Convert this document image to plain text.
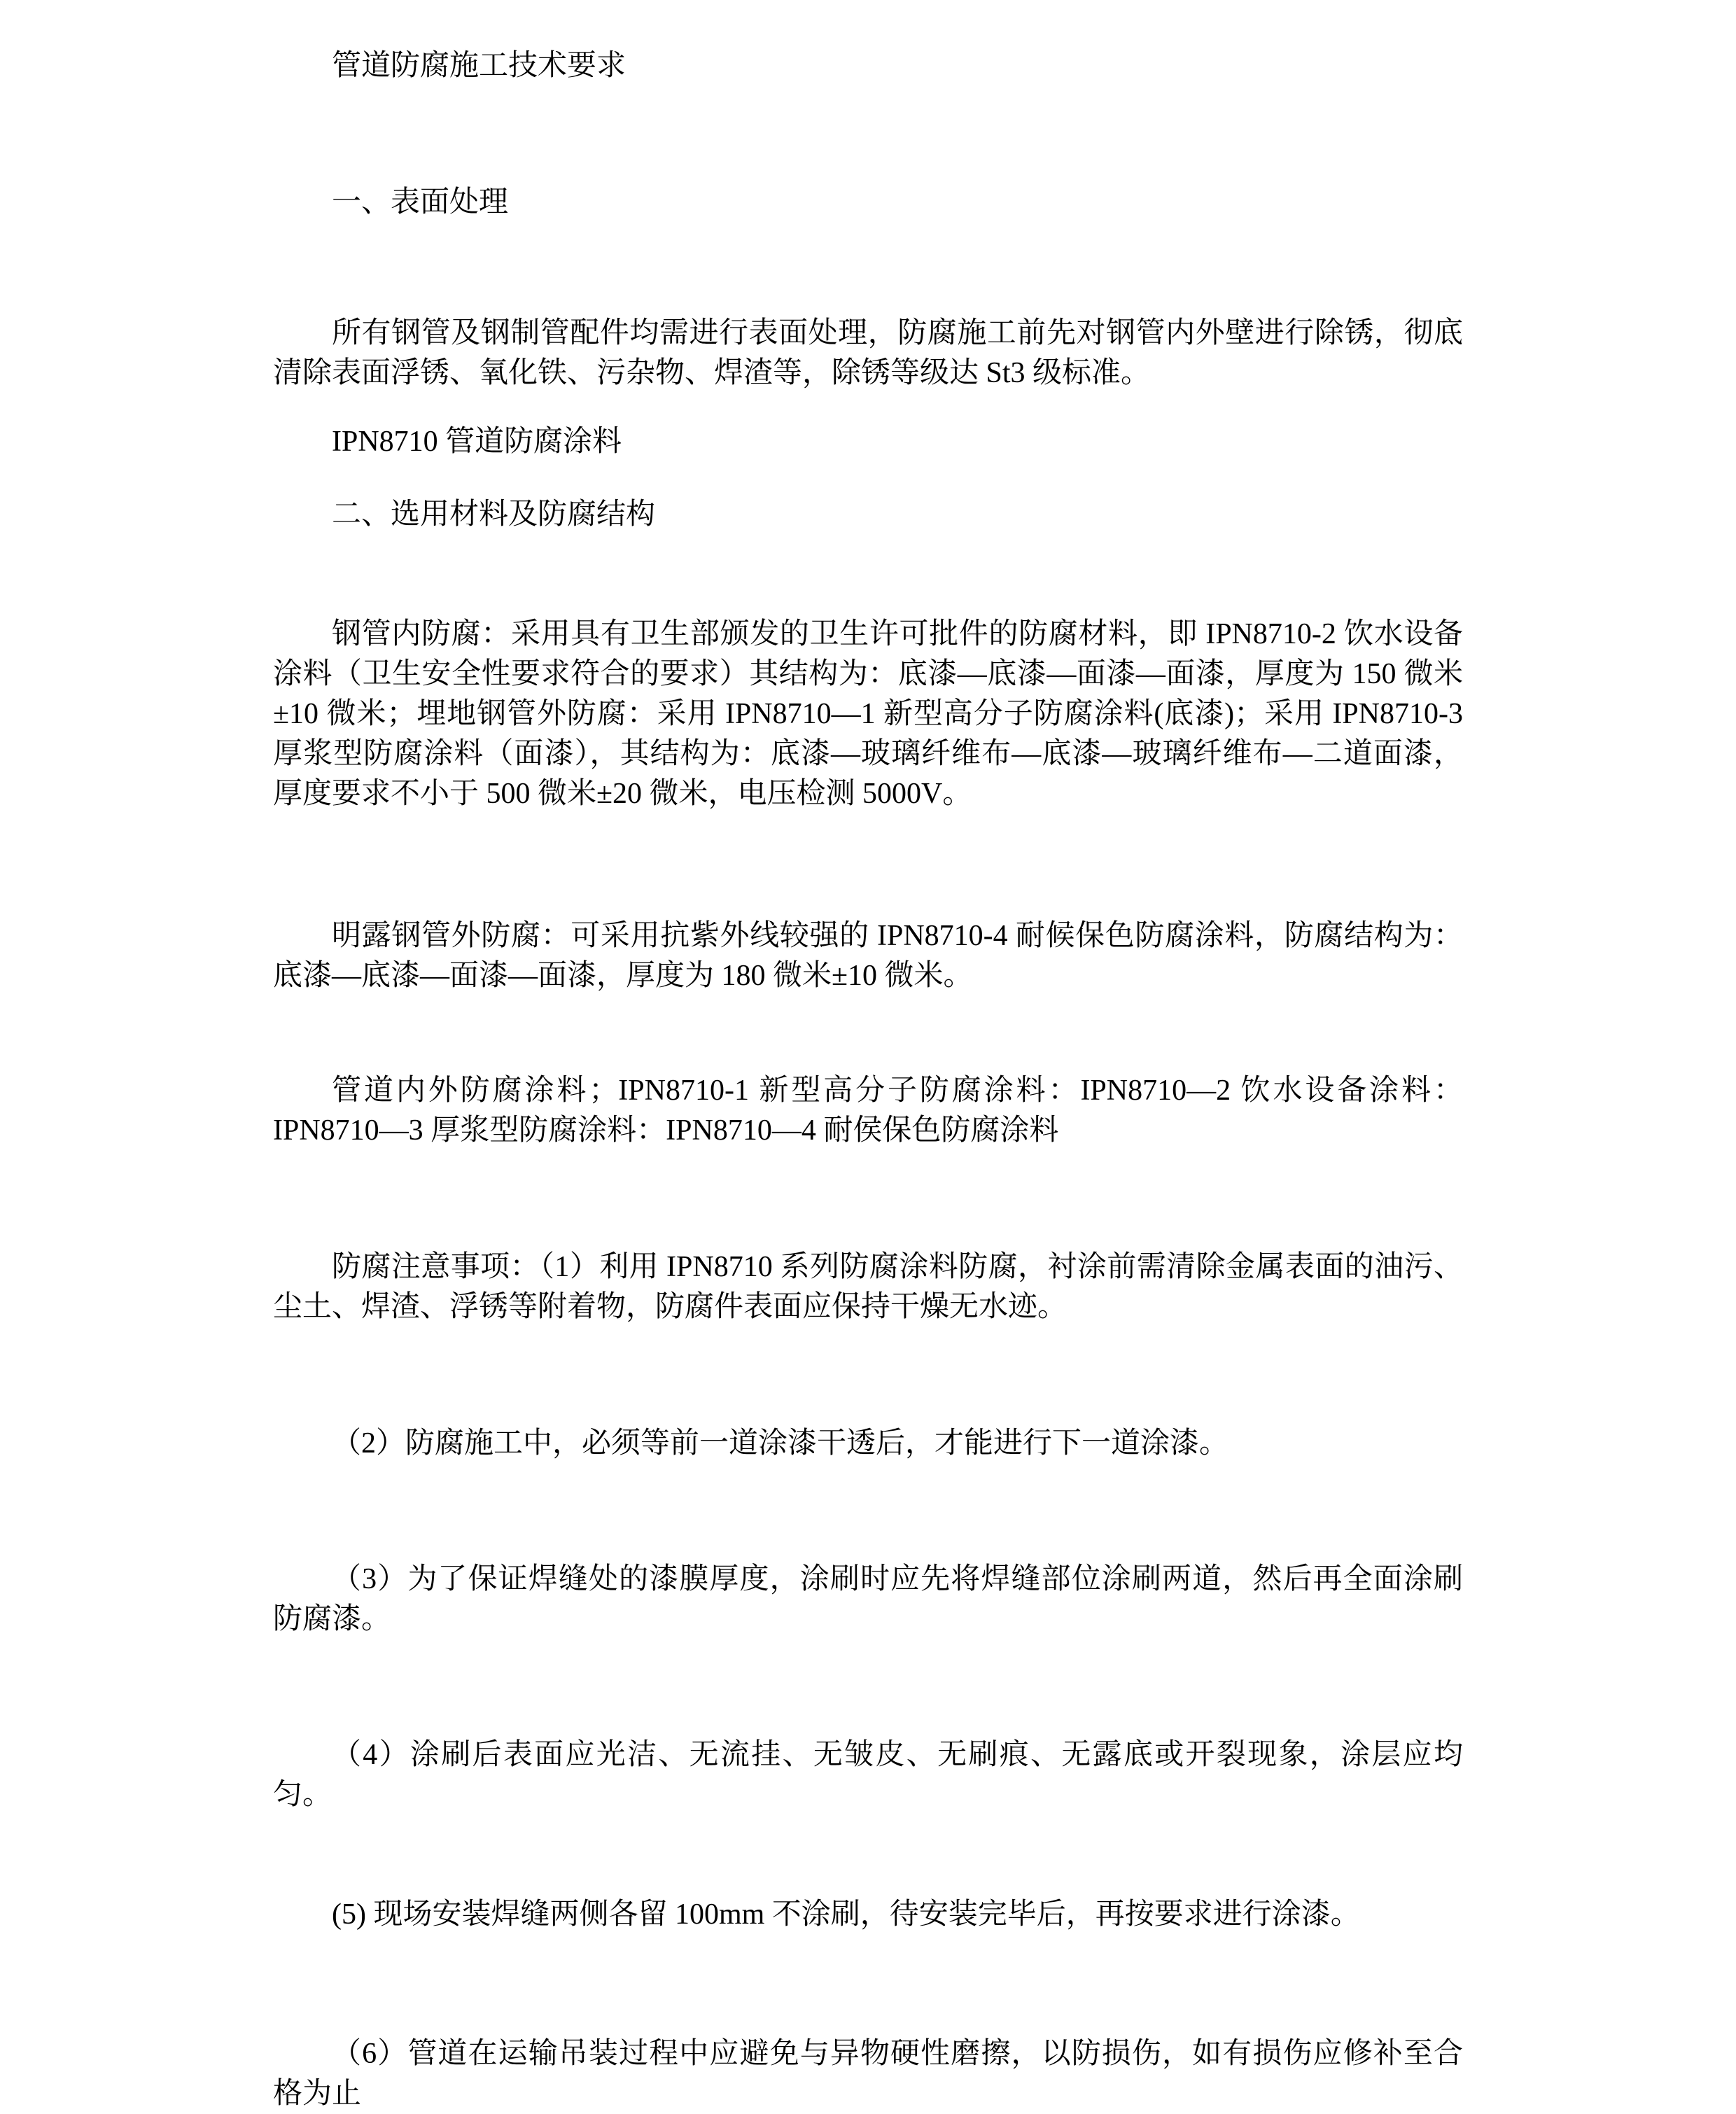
管道防腐施工技术要求

一、表面处理

所有钢管及钢制管配件均需进行表面处理，防腐施工前先对钢管内外壁进行除锈，彻底清除表面浮锈、氧化铁、污杂物、焊渣等，除锈等级达 St3 级标准。

IPN8710 管道防腐涂料

二、选用材料及防腐结构

钢管内防腐：采用具有卫生部颁发的卫生许可批件的防腐材料，即 IPN8710-2 饮水设备涂料（卫生安全性要求符合的要求）其结构为：底漆—底漆—面漆—面漆，厚度为 150 微米±10 微米；埋地钢管外防腐：采用 IPN8710—1 新型高分子防腐涂料(底漆)；采用 IPN8710-3 厚浆型防腐涂料（面漆），其结构为：底漆—玻璃纤维布—底漆—玻璃纤维布—二道面漆，厚度要求不小于 500 微米±20 微米，电压检测 5000V。

明露钢管外防腐：可采用抗紫外线较强的 IPN8710-4 耐候保色防腐涂料，防腐结构为：底漆—底漆—面漆—面漆，厚度为 180 微米±10 微米。

管道内外防腐涂料；IPN8710-1 新型高分子防腐涂料：IPN8710—2 饮水设备涂料：IPN8710—3 厚浆型防腐涂料：IPN8710—4 耐侯保色防腐涂料

防腐注意事项：（1）利用 IPN8710 系列防腐涂料防腐，衬涂前需清除金属表面的油污、尘土、焊渣、浮锈等附着物，防腐件表面应保持干燥无水迹。

（2）防腐施工中，必须等前一道涂漆干透后，才能进行下一道涂漆。

（3）为了保证焊缝处的漆膜厚度，涂刷时应先将焊缝部位涂刷两道，然后再全面涂刷防腐漆。

（4）涂刷后表面应光洁、无流挂、无皱皮、无刷痕、无露底或开裂现象，涂层应均匀。

(5) 现场安装焊缝两侧各留 100mm 不涂刷，待安装完毕后，再按要求进行涂漆。

（6）管道在运输吊装过程中应避免与异物硬性磨擦，以防损伤，如有损伤应修补至合格为止
